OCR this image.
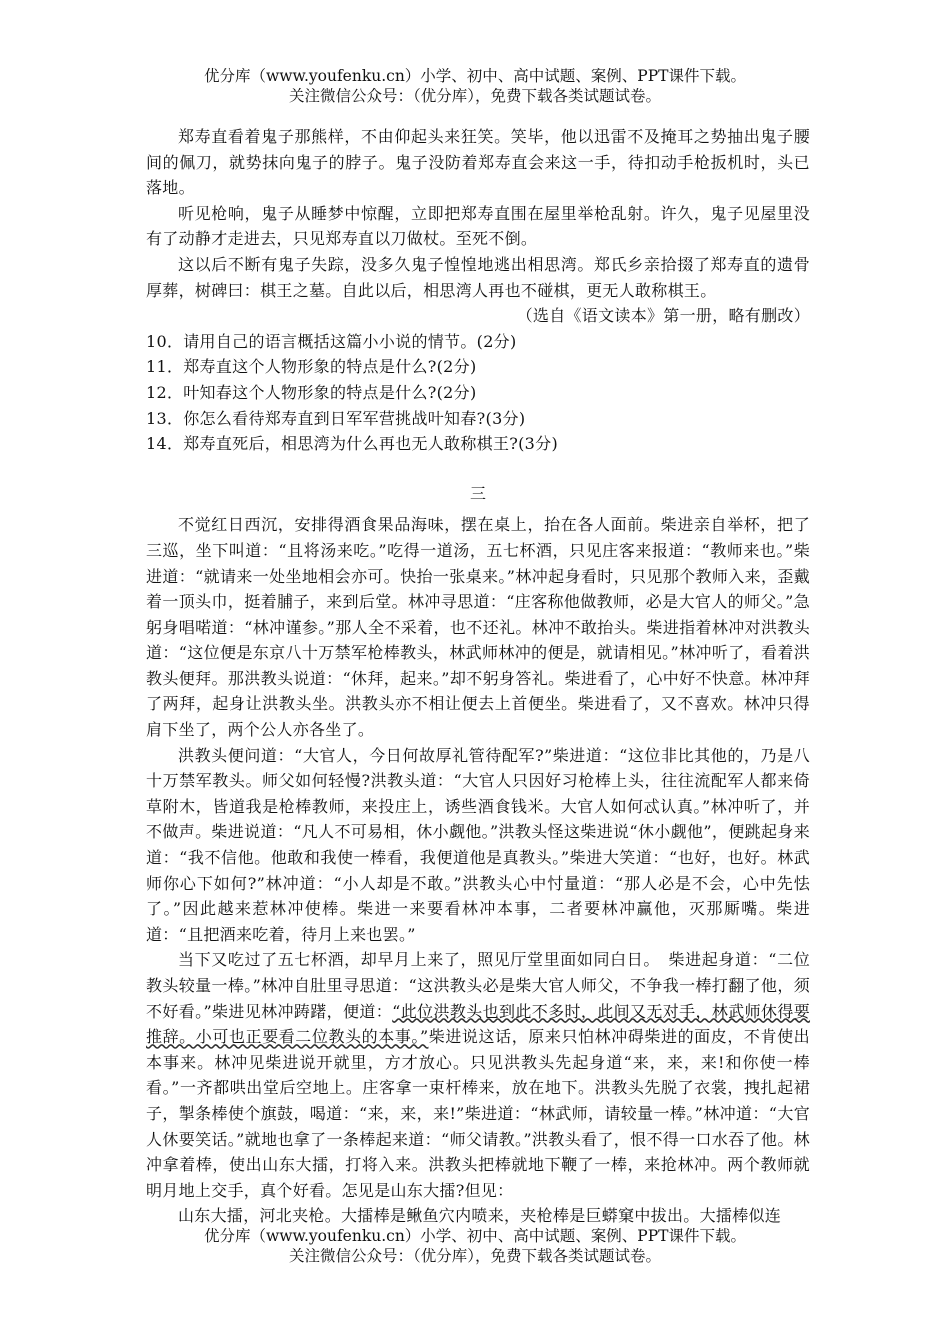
优分库（www.youfenku.cn）小学、初中、高中试题、案例、PPT课件下载。
关注微信公众号：（优分库），免费下载各类试题试卷。

郑寿直看着鬼子那熊样，不由仰起头来狂笑。笑毕，他以迅雷不及掩耳之势抽出鬼子腰间的佩刀，就势抹向鬼子的脖子。鬼子没防着郑寿直会来这一手，待扣动手枪扳机时，头已落地。

听见枪响，鬼子从睡梦中惊醒，立即把郑寿直围在屋里举枪乱射。许久，鬼子见屋里没有了动静才走进去，只见郑寿直以刀做杖。至死不倒。

这以后不断有鬼子失踪，没多久鬼子惶惶地逃出相思湾。郑氏乡亲拾掇了郑寿直的遗骨厚葬，树碑曰：棋王之墓。自此以后，相思湾人再也不碰棋，更无人敢称棋王。

（选自《语文读本》第一册，略有删改）

10．请用自己的语言概括这篇小小说的情节。(2分)

11．郑寿直这个人物形象的特点是什么?(2分)

12．叶知春这个人物形象的特点是什么?(2分)

13．你怎么看待郑寿直到日军军营挑战叶知春?(3分)

14．郑寿直死后，相思湾为什么再也无人敢称棋王?(3分)

三

不觉红日西沉，安排得酒食果品海味，摆在桌上，抬在各人面前。柴进亲自举杯，把了三巡，坐下叫道：“且将汤来吃。”吃得一道汤，五七杯酒，只见庄客来报道：“教师来也。”柴进道：“就请来一处坐地相会亦可。快抬一张桌来。”林冲起身看时，只见那个教师入来，歪戴着一顶头巾，挺着脯子，来到后堂。林冲寻思道：“庄客称他做教师，必是大官人的师父。”急躬身唱喏道：“林冲谨参。”那人全不采着，也不还礼。林冲不敢抬头。柴进指着林冲对洪教头道：“这位便是东京八十万禁军枪棒教头，林武师林冲的便是，就请相见。”林冲听了，看着洪教头便拜。那洪教头说道：“休拜，起来。”却不躬身答礼。柴进看了，心中好不快意。林冲拜了两拜，起身让洪教头坐。洪教头亦不相让便去上首便坐。柴进看了，又不喜欢。林冲只得肩下坐了，两个公人亦各坐了。

洪教头便问道：“大官人，今日何故厚礼管待配军?”柴进道：“这位非比其他的，乃是八十万禁军教头。师父如何轻慢?洪教头道：“大官人只因好习枪棒上头，往往流配军人都来倚草附木，皆道我是枪棒教师，来投庄上，诱些酒食钱米。大官人如何忒认真。”林冲听了，并不做声。柴进说道：“凡人不可易相，休小觑他。”洪教头怪这柴进说“休小觑他”，便跳起身来道：“我不信他。他敢和我使一棒看，我便道他是真教头。”柴进大笑道：“也好，也好。林武师你心下如何?”林冲道：“小人却是不敢。”洪教头心中忖量道：“那人必是不会，心中先怯了。”因此越来惹林冲使棒。柴进一来要看林冲本事，二者要林冲赢他，灭那厮嘴。柴进道：“且把酒来吃着，待月上来也罢。”

当下又吃过了五七杯酒，却早月上来了，照见厅堂里面如同白日。　柴进起身道：“二位教头较量一棒。”林冲自肚里寻思道：“这洪教头必是柴大官人师父，不争我一棒打翻了他，须不好看。”柴进见林冲踌躇，便道：“此位洪教头也到此不多时，此间又无对手，林武师休得要推辞。小可也正要看二位教头的本事。”柴进说这话，原来只怕林冲碍柴进的面皮，不肯使出本事来。林冲见柴进说开就里，方才放心。只见洪教头先起身道“来，来，来!和你使一棒看。”一齐都哄出堂后空地上。庄客拿一束杆棒来，放在地下。洪教头先脱了衣裳，拽扎起裙子，掣条棒使个旗鼓，喝道：“来，来，来!”柴进道：“林武师，请较量一棒。”林冲道：“大官人休要笑话。”就地也拿了一条棒起来道：“师父请教。”洪教头看了，恨不得一口水吞了他。林冲拿着棒，使出山东大擂，打将入来。洪教头把棒就地下鞭了一棒，来抢林冲。两个教师就明月地上交手，真个好看。怎见是山东大擂?但见：

山东大擂，河北夹枪。大擂棒是鳅鱼穴内喷来，夹枪棒是巨蟒窠中拔出。大擂棒似连

优分库（www.youfenku.cn）小学、初中、高中试题、案例、PPT课件下载。
关注微信公众号：（优分库），免费下载各类试题试卷。
